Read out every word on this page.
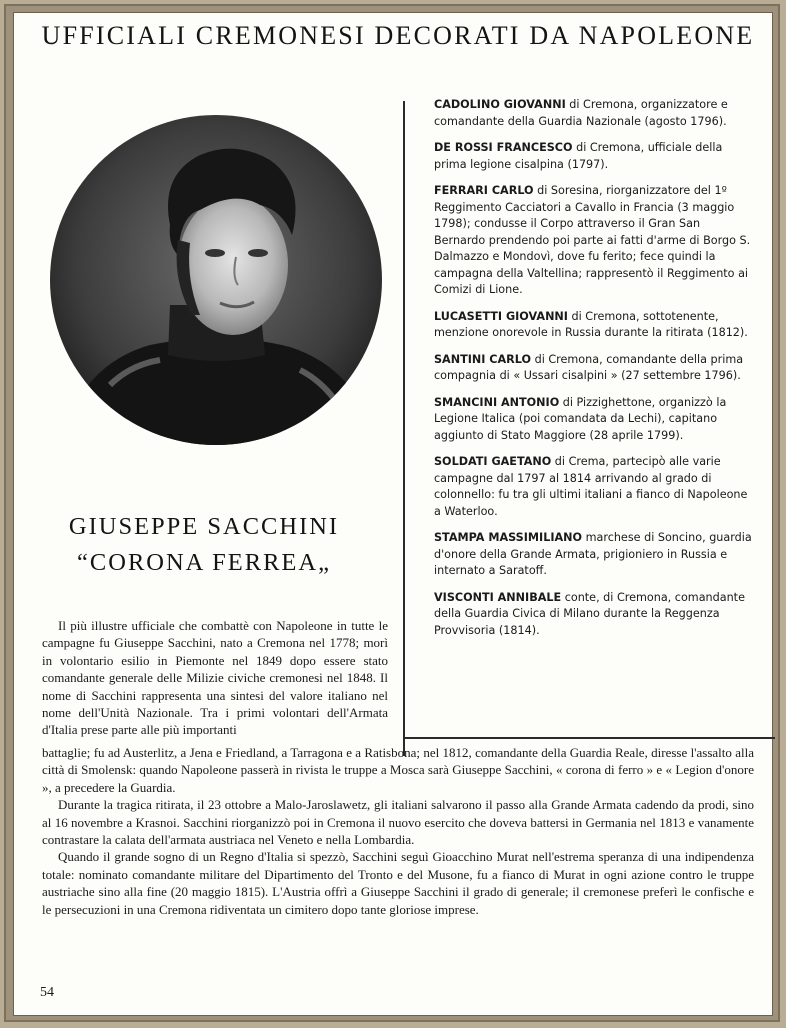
UFFICIALI CREMONESI DECORATI DA NAPOLEONE

CADOLINO GIOVANNI di Cremona, organizzatore e comandante della Guardia Nazionale (agosto 1796).

DE ROSSI FRANCESCO di Cremona, ufficiale della prima legione cisalpina (1797).

FERRARI CARLO di Soresina, riorganizzatore del 1º Reggimento Cacciatori a Cavallo in Francia (3 maggio 1798); condusse il Corpo attraverso il Gran San Bernardo prendendo poi parte ai fatti d'arme di Borgo S. Dalmazzo e Mondovì, dove fu ferito; fece quindi la campagna della Valtellina; rappresentò il Reggimento ai Comizi di Lione.

LUCASETTI GIOVANNI di Cremona, sottotenente, menzione onorevole in Russia durante la ritirata (1812).

SANTINI CARLO di Cremona, comandante della prima compagnia di « Ussari cisalpini » (27 settembre 1796).

SMANCINI ANTONIO di Pizzighettone, organizzò la Legione Italica (poi comandata da Lechi), capitano aggiunto di Stato Maggiore (28 aprile 1799).

SOLDATI GAETANO di Crema, partecipò alle varie campagne dal 1797 al 1814 arrivando al grado di colonnello: fu tra gli ultimi italiani a fianco di Napoleone a Waterloo.

STAMPA MASSIMILIANO marchese di Soncino, guardia d'onore della Grande Armata, prigioniero in Russia e internato a Saratoff.

VISCONTI ANNIBALE conte, di Cremona, comandante della Guardia Civica di Milano durante la Reggenza Provvisoria (1814).

GIUSEPPE SACCHINI
“CORONA FERREA„

Il più illustre ufficiale che combattè con Napoleone in tutte le campagne fu Giuseppe Sacchini, nato a Cremona nel 1778; morì in volontario esilio in Piemonte nel 1849 dopo essere stato comandante generale delle Milizie civiche cremonesi nel 1848. Il nome di Sacchini rappresenta una sintesi del valore italiano nel nome dell'Unità Nazionale. Tra i primi volontari dell'Armata d'Italia prese parte alle più importanti

battaglie; fu ad Austerlitz, a Jena e Friedland, a Tarragona e a Ratisbona; nel 1812, comandante della Guardia Reale, diresse l'assalto alla città di Smolensk: quando Napoleone passerà in rivista le truppe a Mosca sarà Giuseppe Sacchini, « corona di ferro » e « Legion d'onore », a precedere la Guardia.

Durante la tragica ritirata, il 23 ottobre a Malo-Jaroslawetz, gli italiani salvarono il passo alla Grande Armata cadendo da prodi, sino al 16 novembre a Krasnoi. Sacchini riorganizzò poi in Cremona il nuovo esercito che doveva battersi in Germania nel 1813 e vanamente contrastare la calata dell'armata austriaca nel Veneto e nella Lombardia.

Quando il grande sogno di un Regno d'Italia si spezzò, Sacchini seguì Gioacchino Murat nell'estrema speranza di una indipendenza totale: nominato comandante militare del Dipartimento del Tronto e del Musone, fu a fianco di Murat in ogni azione contro le truppe austriache sino alla fine (20 maggio 1815). L'Austria offrì a Giuseppe Sacchini il grado di generale; il cremonese preferì le confische e le persecuzioni in una Cremona ridiventata un cimitero dopo tante gloriose imprese.

54
